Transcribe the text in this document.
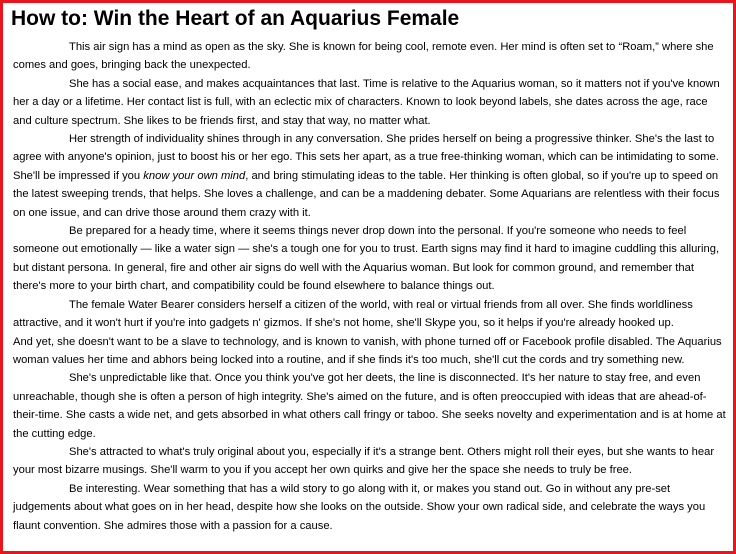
How to: Win the Heart of an Aquarius Female

This air sign has a mind as open as the sky. She is known for being cool, remote even. Her mind is often set to “Roam,” where she comes and goes, bringing back the unexpected.

She has a social ease, and makes acquaintances that last. Time is relative to the Aquarius woman, so it matters not if you've known her a day or a lifetime. Her contact list is full, with an eclectic mix of characters. Known to look beyond labels, she dates across the age, race and culture spectrum. She likes to be friends first, and stay that way, no matter what.

Her strength of individuality shines through in any conversation. She prides herself on being a progressive thinker. She's the last to agree with anyone's opinion, just to boost his or her ego. This sets her apart, as a true free-thinking woman, which can be intimidating to some. She'll be impressed if you know your own mind, and bring stimulating ideas to the table. Her thinking is often global, so if you're up to speed on the latest sweeping trends, that helps. She loves a challenge, and can be a maddening debater. Some Aquarians are relentless with their focus on one issue, and can drive those around them crazy with it.

Be prepared for a heady time, where it seems things never drop down into the personal. If you're someone who needs to feel someone out emotionally — like a water sign — she's a tough one for you to trust. Earth signs may find it hard to imagine cuddling this alluring, but distant persona. In general, fire and other air signs do well with the Aquarius woman. But look for common ground, and remember that there's more to your birth chart, and compatibility could be found elsewhere to balance things out.

The female Water Bearer considers herself a citizen of the world, with real or virtual friends from all over. She finds worldliness attractive, and it won't hurt if you're into gadgets n' gizmos. If she's not home, she'll Skype you, so it helps if you're already hooked up.

And yet, she doesn't want to be a slave to technology, and is known to vanish, with phone turned off or Facebook profile disabled. The Aquarius woman values her time and abhors being locked into a routine, and if she finds it's too much, she'll cut the cords and try something new.

She's unpredictable like that. Once you think you've got her deets, the line is disconnected. It's her nature to stay free, and even unreachable, though she is often a person of high integrity. She's aimed on the future, and is often preoccupied with ideas that are ahead-of-their-time. She casts a wide net, and gets absorbed in what others call fringy or taboo. She seeks novelty and experimentation and is at home at the cutting edge.

She's attracted to what's truly original about you, especially if it's a strange bent. Others might roll their eyes, but she wants to hear your most bizarre musings. She'll warm to you if you accept her own quirks and give her the space she needs to truly be free.

Be interesting. Wear something that has a wild story to go along with it, or makes you stand out. Go in without any pre-set judgements about what goes on in her head, despite how she looks on the outside. Show your own radical side, and celebrate the ways you flaunt convention. She admires those with a passion for a cause.
